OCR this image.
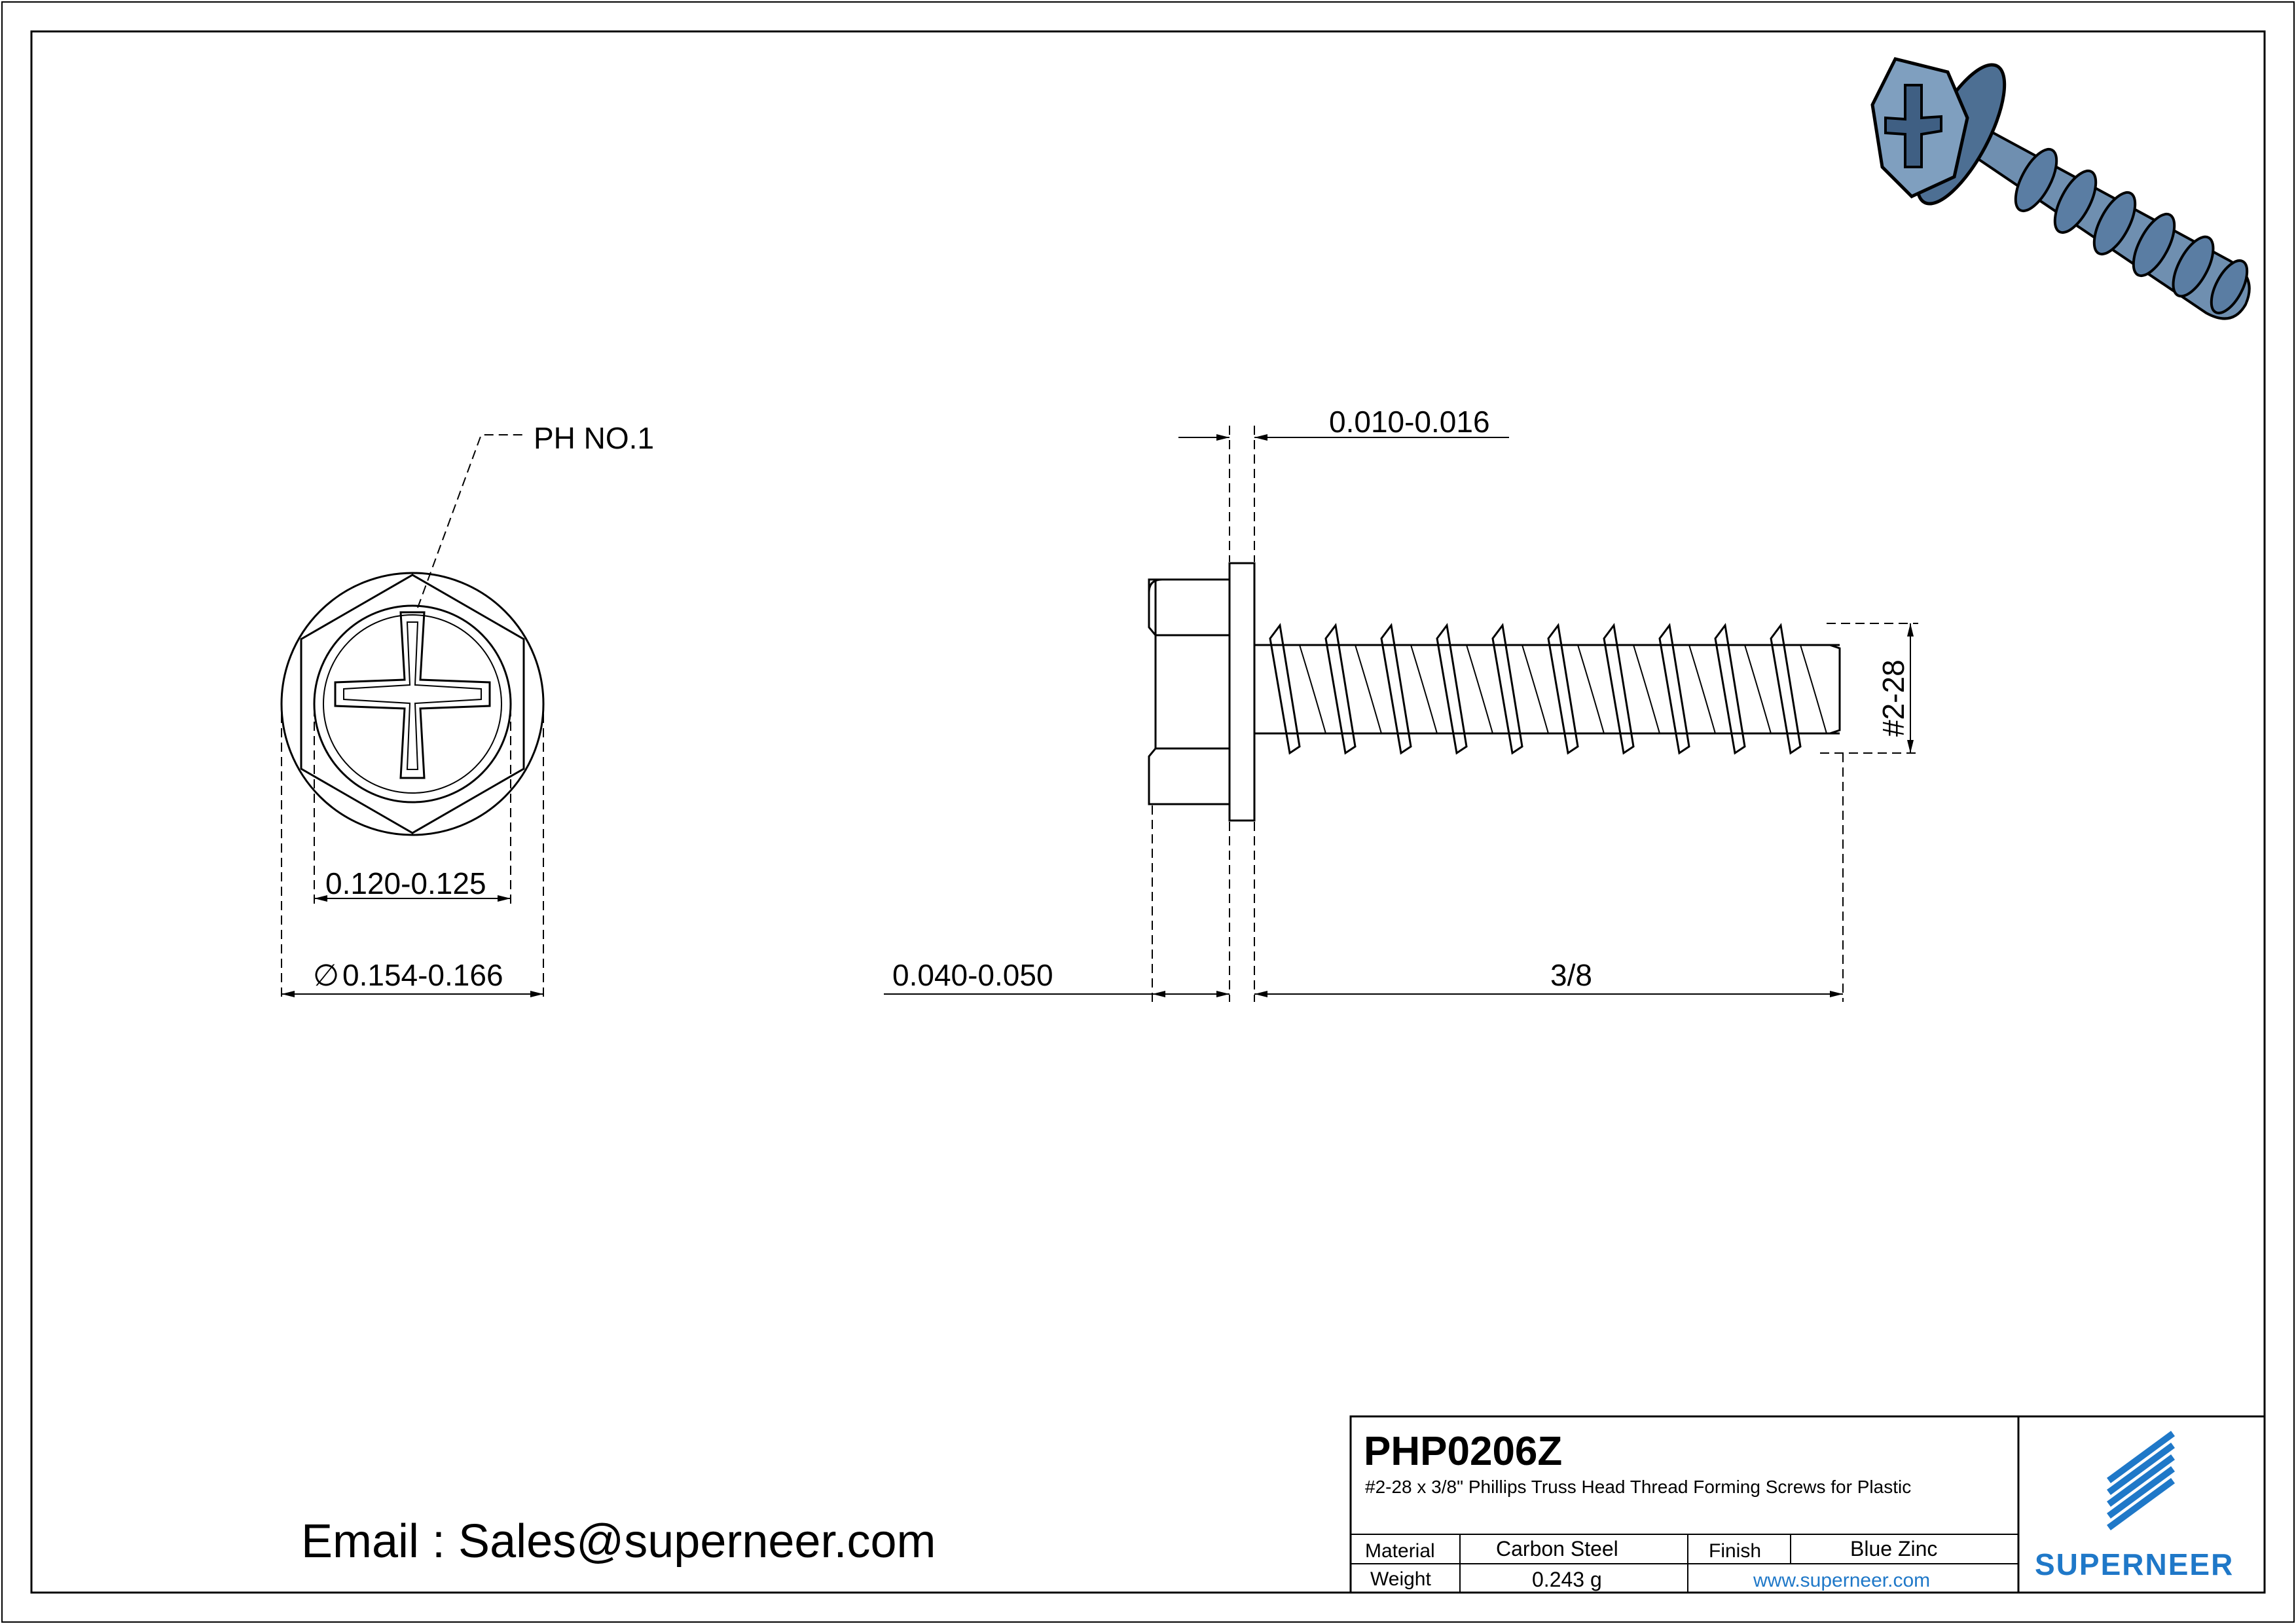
PH NO.1
0.120-0.125
∅ 0.154-0.166
0.010-0.016
#2-28
0.040-0.050	3/8
Email : Sales@superneer.com
PHP0206Z
#2-28 x 3/8" Phillips Truss Head Thread Forming Screws for Plastic
Material	Carbon Steel	Finish	Blue Zinc
Weight	0.243 g	www.superneer.com	SUPERNEER
